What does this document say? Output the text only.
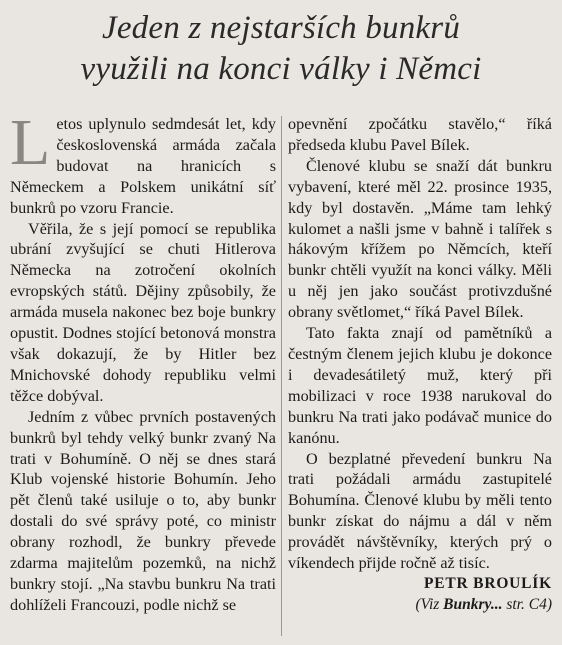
Jeden z nejstarších bunkrů
využili na konci války i Němci

Letos uplynulo sedmdesát let, kdy československá armáda začala budovat na hranicích s Německem a Polskem unikátní síť bunkrů po vzoru Francie.

Věřila, že s její pomocí se republika ubrání zvyšující se chuti Hitlerova Německa na zotročení okolních evropských států. Dějiny způsobily, že armáda musela nakonec bez boje bunkry opustit. Dodnes stojící betonová monstra však dokazují, že by Hitler bez Mnichovské dohody republiku velmi těžce dobýval.

Jedním z vůbec prvních postavených bunkrů byl tehdy velký bunkr zvaný Na trati v Bohumíně. O něj se dnes stará Klub vojenské historie Bohumín. Jeho pět členů také usiluje o to, aby bunkr dostali do své správy poté, co ministr obrany rozhodl, že bunkry převede zdarma majitelům pozemků, na nichž bunkry stojí. „Na stavbu bunkru Na trati dohlíželi Francouzi, podle nichž se

opevnění zpočátku stavělo,“ říká předseda klubu Pavel Bílek.

Členové klubu se snaží dát bunkru vybavení, které měl 22. prosince 1935, kdy byl dostavěn. „Máme tam lehký kulomet a našli jsme v bahně i talířek s hákovým křížem po Němcích, kteří bunkr chtěli využít na konci války. Měli u něj jen jako součást protivzdušné obrany světlomet,“ říká Pavel Bílek.

Tato fakta znají od pamětníků a čestným členem jejich klubu je dokonce i devadesátiletý muž, který při mobilizaci v roce 1938 narukoval do bunkru Na trati jako podávač munice do kanónu.

O bezplatné převedení bunkru Na trati požádali armádu zastupitelé Bohumína. Členové klubu by měli tento bunkr získat do nájmu a dál v něm provádět návštěvníky, kterých prý o víkendech přijde ročně až tisíc.

PETR BROULÍK

(Viz Bunkry... str. C4)
